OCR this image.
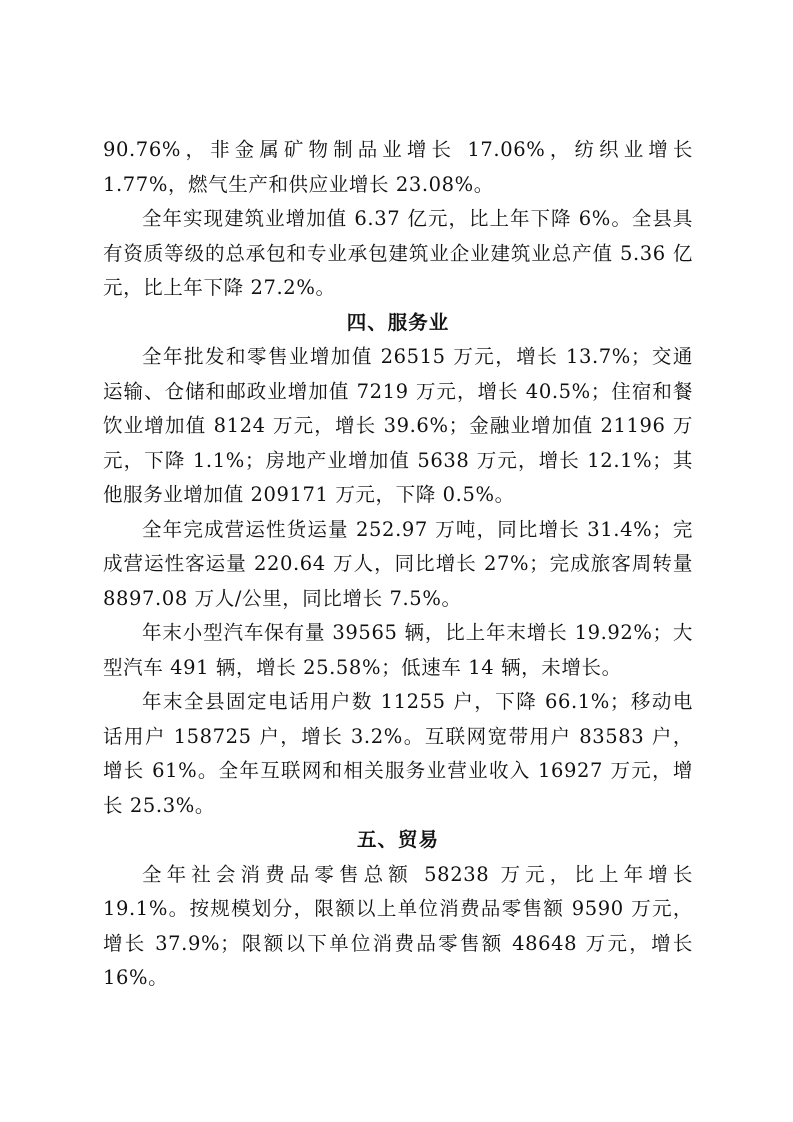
90.76%，非金属矿物制品业增长 17.06%，纺织业增长 1.77%，燃气生产和供应业增长 23.08%。

全年实现建筑业增加值 6.37 亿元，比上年下降 6%。全县具有资质等级的总承包和专业承包建筑业企业建筑业总产值 5.36 亿元，比上年下降 27.2%。

四、服务业

全年批发和零售业增加值 26515 万元，增长 13.7%；交通运输、仓储和邮政业增加值 7219 万元，增长 40.5%；住宿和餐饮业增加值 8124 万元，增长 39.6%；金融业增加值 21196 万元，下降 1.1%；房地产业增加值 5638 万元，增长 12.1%；其他服务业增加值 209171 万元，下降 0.5%。

全年完成营运性货运量 252.97 万吨，同比增长 31.4%；完成营运性客运量 220.64 万人，同比增长 27%；完成旅客周转量 8897.08 万人/公里，同比增长 7.5%。

年末小型汽车保有量 39565 辆，比上年末增长 19.92%；大型汽车 491 辆，增长 25.58%；低速车 14 辆，未增长。

年末全县固定电话用户数 11255 户，下降 66.1%；移动电话用户 158725 户，增长 3.2%。互联网宽带用户 83583 户，增长 61%。全年互联网和相关服务业营业收入 16927 万元，增长 25.3%。

五、贸易

全年社会消费品零售总额 58238 万元，比上年增长 19.1%。按规模划分，限额以上单位消费品零售额 9590 万元，增长 37.9%；限额以下单位消费品零售额 48648 万元，增长 16%。
